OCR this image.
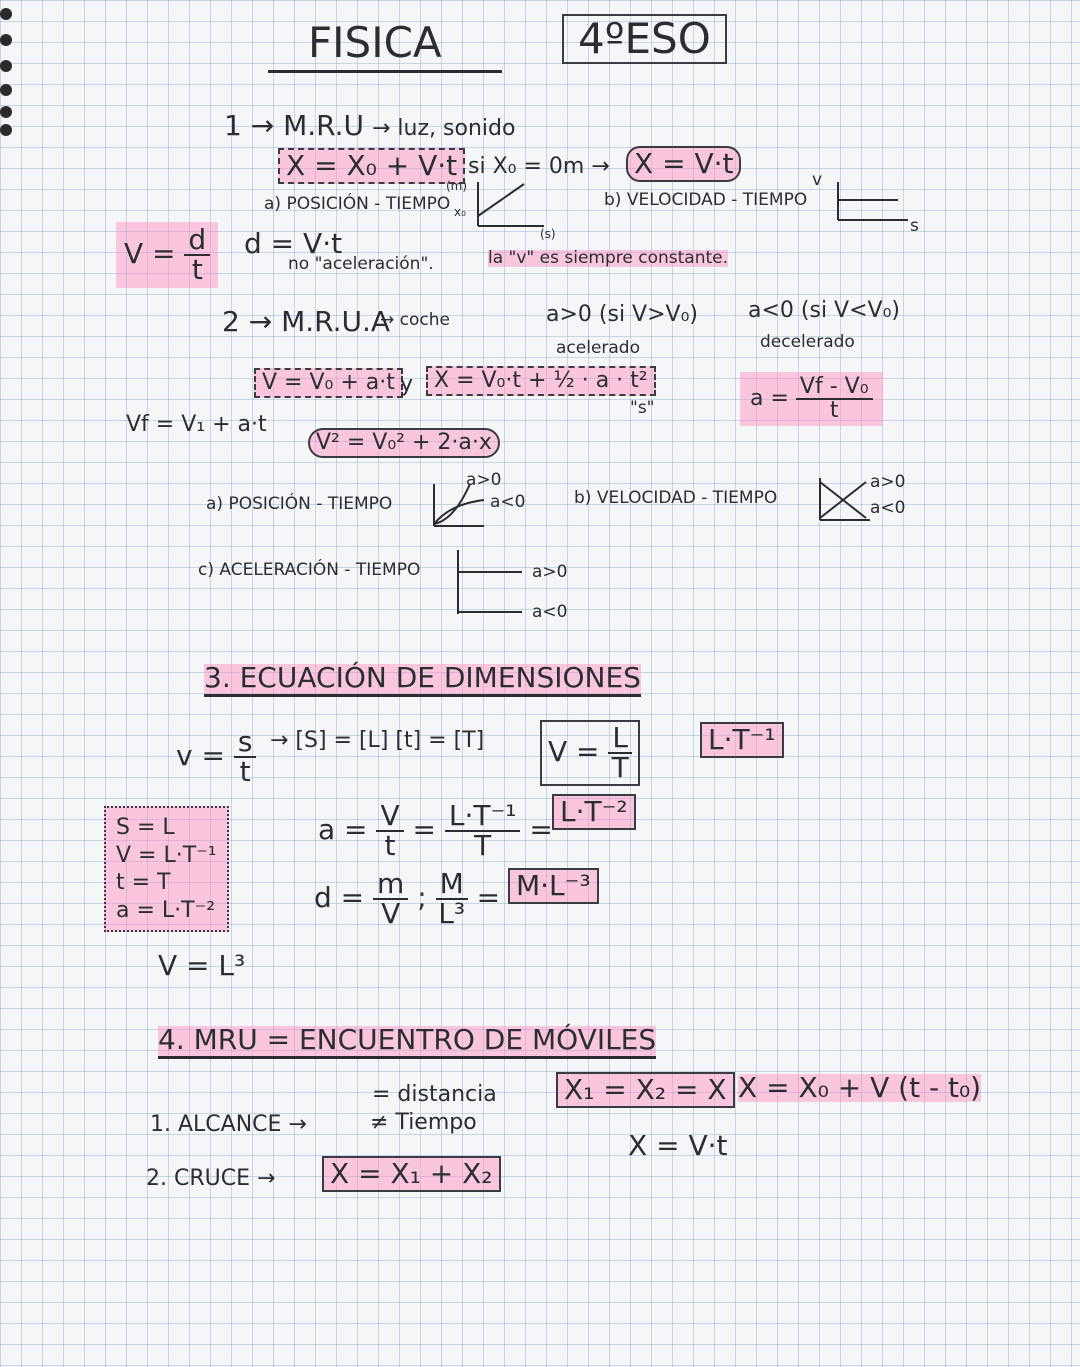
FISICA	4ºESO
1 → M.R.U → luz, sonido
X = X₀ + V·t si X₀ = 0m → X = V·t
a) POSICIÓN - TIEMPO
(m)
x₀
(s)
b) VELOCIDAD - TIEMPO
v
s
$V = \frac{d}{t}$ d = V·t
no "aceleración".	la "v" es siempre constante.
2 → M.R.U.A
→ coche	a>0 (si V>V₀)
acelerado
a<0 (si V<V₀)
decelerado
V = V₀ + a·t y X = V₀·t + ½ · a · t²
"s"	$a = \frac{\text{Vf - V₀}}{t}$
Vf = V₁ + a·t
V² = V₀² + 2·a·x
a) POSICIÓN - TIEMPO
a>0
a<0	b) VELOCIDAD - TIEMPO
a>0
a<0
c) ACELERACIÓN - TIEMPO	a>0
a<0
3. ECUACIÓN DE DIMENSIONES
$v = \frac{s}{t} \to [S] = [L] [t] = [T] V = \frac{L}{T}$	L·T⁻¹
S = L
V = L·T⁻¹
t = T
a = L·T⁻²
V = L³
$a = \frac{V}{t} = \frac{\text{L·T⁻¹}}{T}$ =
L·T⁻²
$d = \frac{m}{V}$ ; $\frac{M}{\text{L³}} = M\cdot L^{-3}$
4. MRU = ENCUENTRO DE MÓVILES
= distancia
1. ALCANCE →	≠ Tiempo
X₁ = X₂ = X X = X₀ + V (t - t₀)
X = V·t
2. CRUCE → X = X₁ + X₂
